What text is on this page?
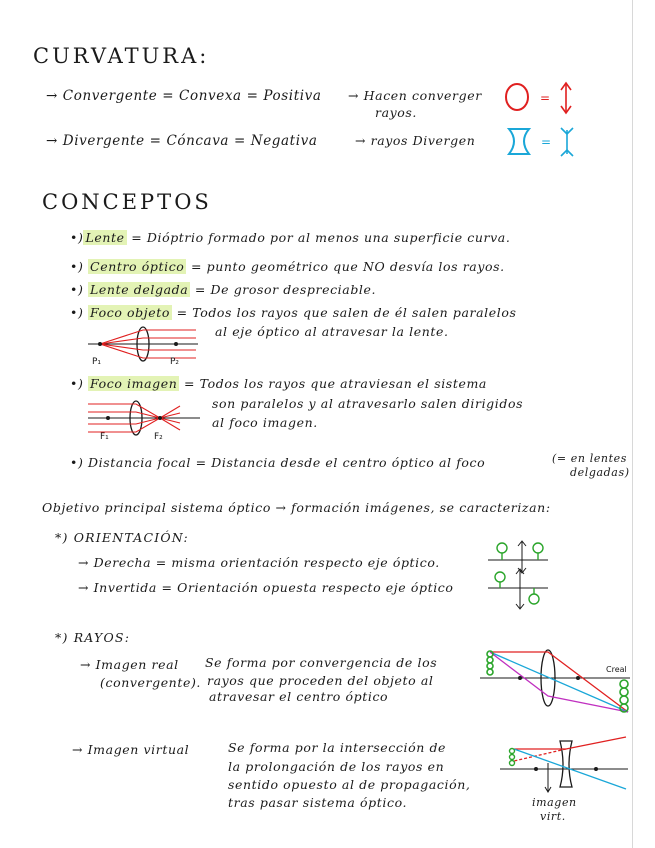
CURVATURA:
→ Convergente = Convexa = Positiva → Hacen converger
rayos.
=
→ Divergente = Cóncava = Negativa	→ rayos Divergen	=
CONCEPTOS
•) Lente = Dióptrio formado por al menos una superficie curva.
•) Centro óptico = punto geométrico que NO desvía los rayos.
•) Lente delgada = De grosor despreciable.
•) Foco objeto = Todos los rayos que salen de él salen paralelos
al eje óptico al atravesar la lente.
P₁	P₂
•) Foco imagen = Todos los rayos que atraviesan el sistema
son paralelos y al atravesarlo salen dirigidos
al foco imagen.
F₁	F₂
•) Distancia focal = Distancia desde el centro óptico al foco	(= en lentes
delgadas)
Objetivo principal sistema óptico → formación imágenes, se caracterizan:
*) ORIENTACIÓN:
→ Derecha = misma orientación respecto eje óptico.
→ Invertida = Orientación opuesta respecto eje óptico
*) RAYOS:
→ Imagen real
(convergente).
Se forma por convergencia de los
rayos que proceden del objeto al
atravesar el centro óptico
Creal
→ Imagen virtual	Se forma por la intersección de
la prolongación de los rayos en
sentido opuesto al de propagación,
tras pasar sistema óptico.	imagen
virt.
